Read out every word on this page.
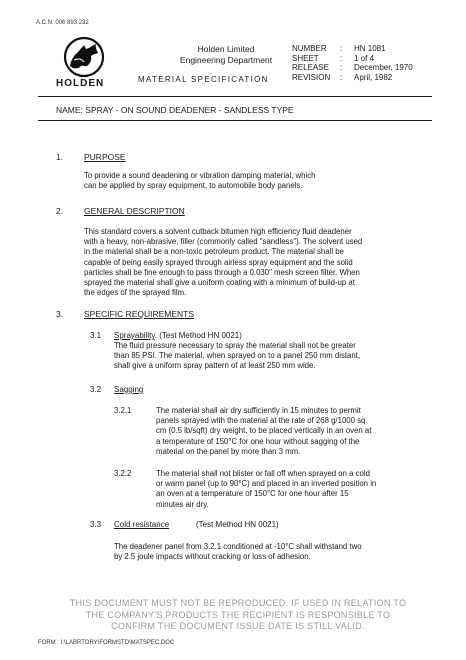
A.C.N. 006 893 232
HOLDEN
Holden Limited
Engineering Department
MATERIAL SPECIFICATION
NUMBER	:	HN 1081
SHEET	:	1 of 4
RELEASE	:	December, 1970
REVISION	:	April, 1982
NAME: SPRAY - ON SOUND DEADENER - SANDLESS TYPE
1. PURPOSE
To provide a sound deadening or vibration damping material, which
can be applied by spray equipment, to automobile body panels.
2. GENERAL DESCRIPTION
This standard covers a solvent cutback bitumen high efficiency fluid deadener
with a heavy, non-abrasive, filler (commonly called "sandless"). The solvent used
in the material shall be a non-toxic petroleum product. The material shall be
capable of being easily sprayed through airless spray equipment and the solid
particles shall be fine enough to pass through a 0.030" mesh screen filter. When
sprayed the material shall give a uniform coating with a minimum of build-up at
the edges of the sprayed film.
3. SPECIFIC REQUIREMENTS
3.1 Sprayability. (Test Method HN 0021)
The fluid pressure necessary to spray the material shall not be greater
than 85 PSI. The material, when sprayed on to a panel 250 mm distant,
shall give a uniform spray pattern of at least 250 mm wide.
3.2 Sagging
3.2.1	The material shall air dry sufficiently in 15 minutes to permit
panels sprayed with the material at the rate of 268 g/1000 sq.
cm (0.5 lb/sqft) dry weight, to be placed vertically in an oven at
a temperature of 150°C for one hour without sagging of the
material on the panel by more than 3 mm.
3.2.2	The material shall not blister or fall off when sprayed on a cold
or warm panel (up to 90°C) and placed in an inverted position in
an oven at a temperature of 150°C for one hour after 15
minutes air dry.
3.3 Cold resistance	(Test Method HN 0021)
The deadener panel from 3.2.1 conditioned at -10°C shall withstand two
by 2.5 joule impacts without cracking or loss of adhesion.
THIS DOCUMENT MUST NOT BE REPRODUCED. IF USED IN RELATION TO
THE COMPANY'S PRODUCTS THE RECIPIENT IS RESPONSIBLE TO
CONFIRM THE DOCUMENT ISSUE DATE IS STILL VALID.
FORM : I:\LABRTORY\FORMSTD\MATSPEC.DOC
